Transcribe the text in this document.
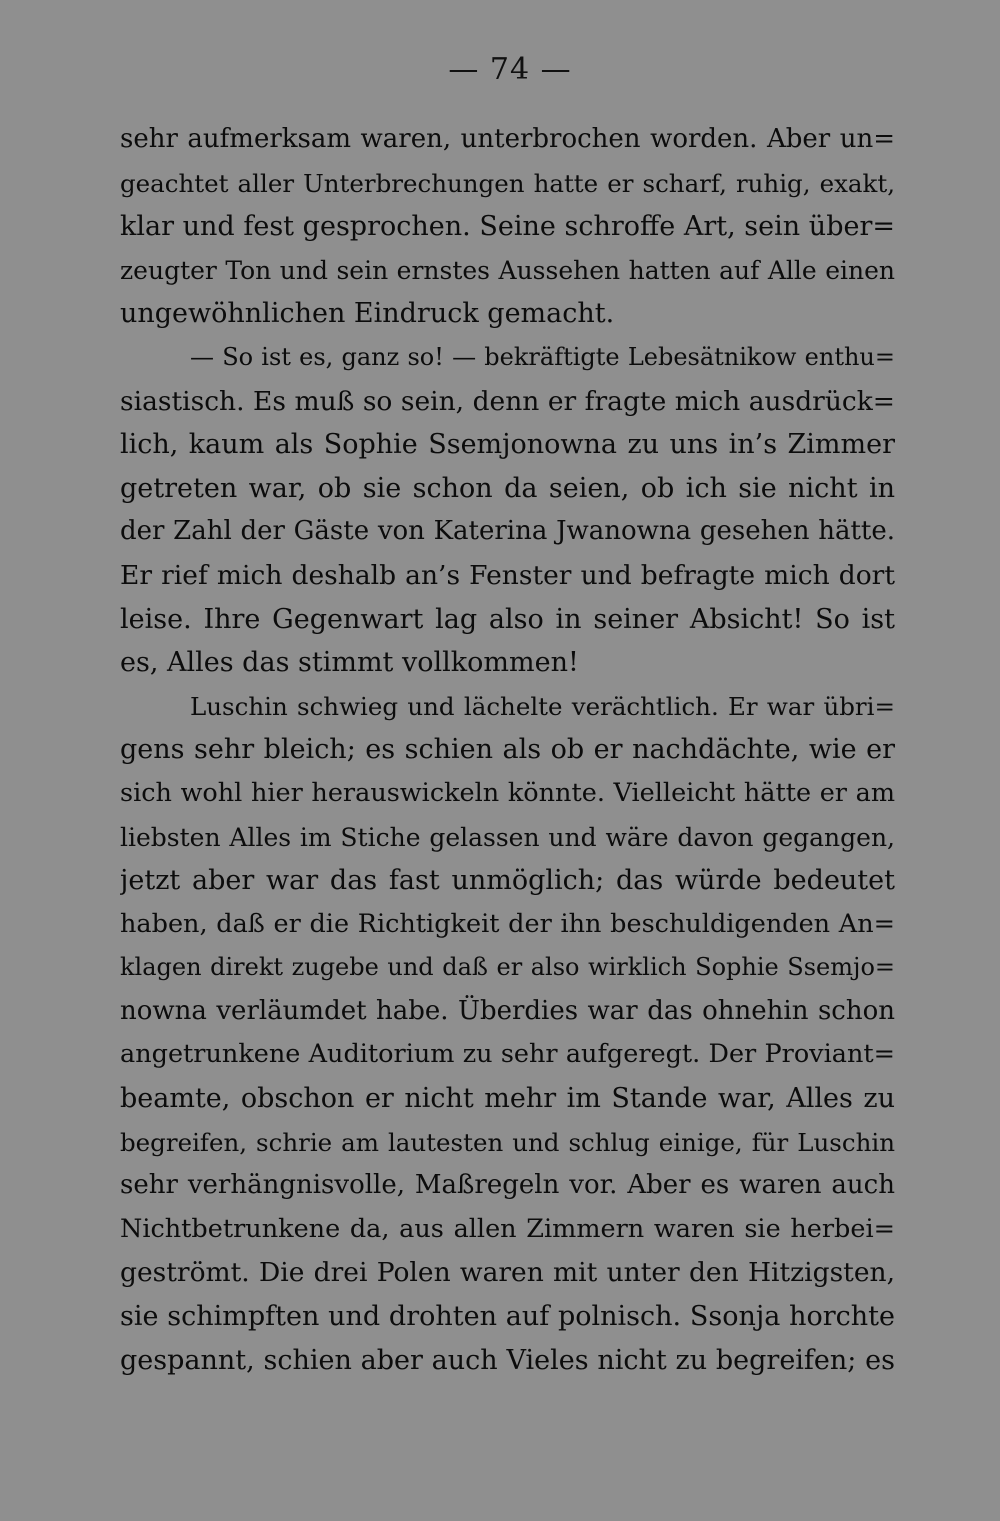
— 74 —
sehr aufmerksam waren, unterbrochen worden. Aber un=
geachtet aller Unterbrechungen hatte er scharf, ruhig, exakt,
klar und fest gesprochen. Seine schroffe Art, sein über=
zeugter Ton und sein ernstes Aussehen hatten auf Alle einen
ungewöhnlichen Eindruck gemacht.
— So ist es, ganz so! — bekräftigte Lebesätnikow enthu=
siastisch. Es muß so sein, denn er fragte mich ausdrück=
lich, kaum als Sophie Ssemjonowna zu uns in’s Zimmer
getreten war, ob sie schon da seien, ob ich sie nicht in
der Zahl der Gäste von Katerina Jwanowna gesehen hätte.
Er rief mich deshalb an’s Fenster und befragte mich dort
leise. Ihre Gegenwart lag also in seiner Absicht! So ist
es, Alles das stimmt vollkommen!
Luschin schwieg und lächelte verächtlich. Er war übri=
gens sehr bleich; es schien als ob er nachdächte, wie er
sich wohl hier herauswickeln könnte. Vielleicht hätte er am
liebsten Alles im Stiche gelassen und wäre davon gegangen,
jetzt aber war das fast unmöglich; das würde bedeutet
haben, daß er die Richtigkeit der ihn beschuldigenden An=
klagen direkt zugebe und daß er also wirklich Sophie Ssemjo=
nowna verläumdet habe. Überdies war das ohnehin schon
angetrunkene Auditorium zu sehr aufgeregt. Der Proviant=
beamte, obschon er nicht mehr im Stande war, Alles zu
begreifen, schrie am lautesten und schlug einige, für Luschin
sehr verhängnisvolle, Maßregeln vor. Aber es waren auch
Nichtbetrunkene da, aus allen Zimmern waren sie herbei=
geströmt. Die drei Polen waren mit unter den Hitzigsten,
sie schimpften und drohten auf polnisch. Ssonja horchte
gespannt, schien aber auch Vieles nicht zu begreifen; es
